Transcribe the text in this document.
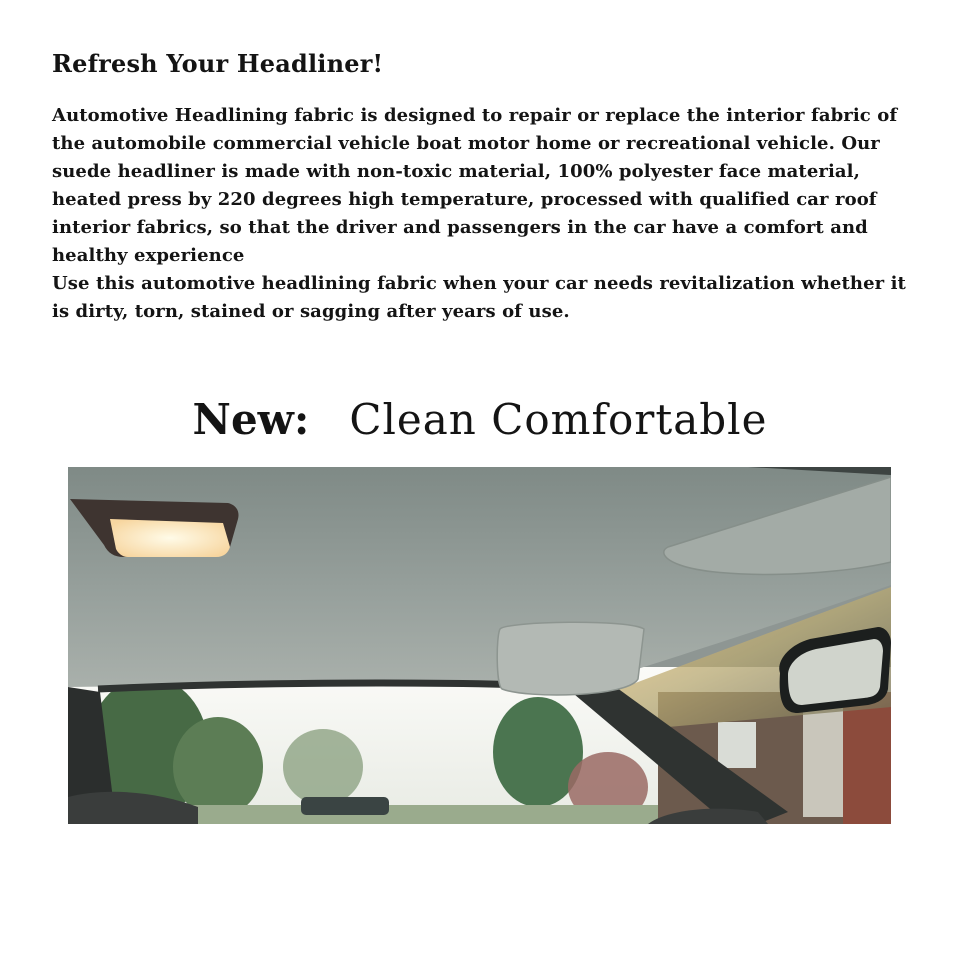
Refresh Your Headliner!

Automotive Headlining fabric is designed to repair or replace the interior fabric of the automobile commercial vehicle boat motor home or recreational vehicle. Our suede headliner is made with non-toxic material, 100% polyester face material, heated press by 220 degrees high temperature, processed with qualified car roof interior fabrics, so that the driver and passengers in the car have a comfort and healthy experience

Use this automotive headlining fabric when your car needs revitalization whether it is dirty, torn, stained or sagging after years of use.

New: Clean Comfortable
